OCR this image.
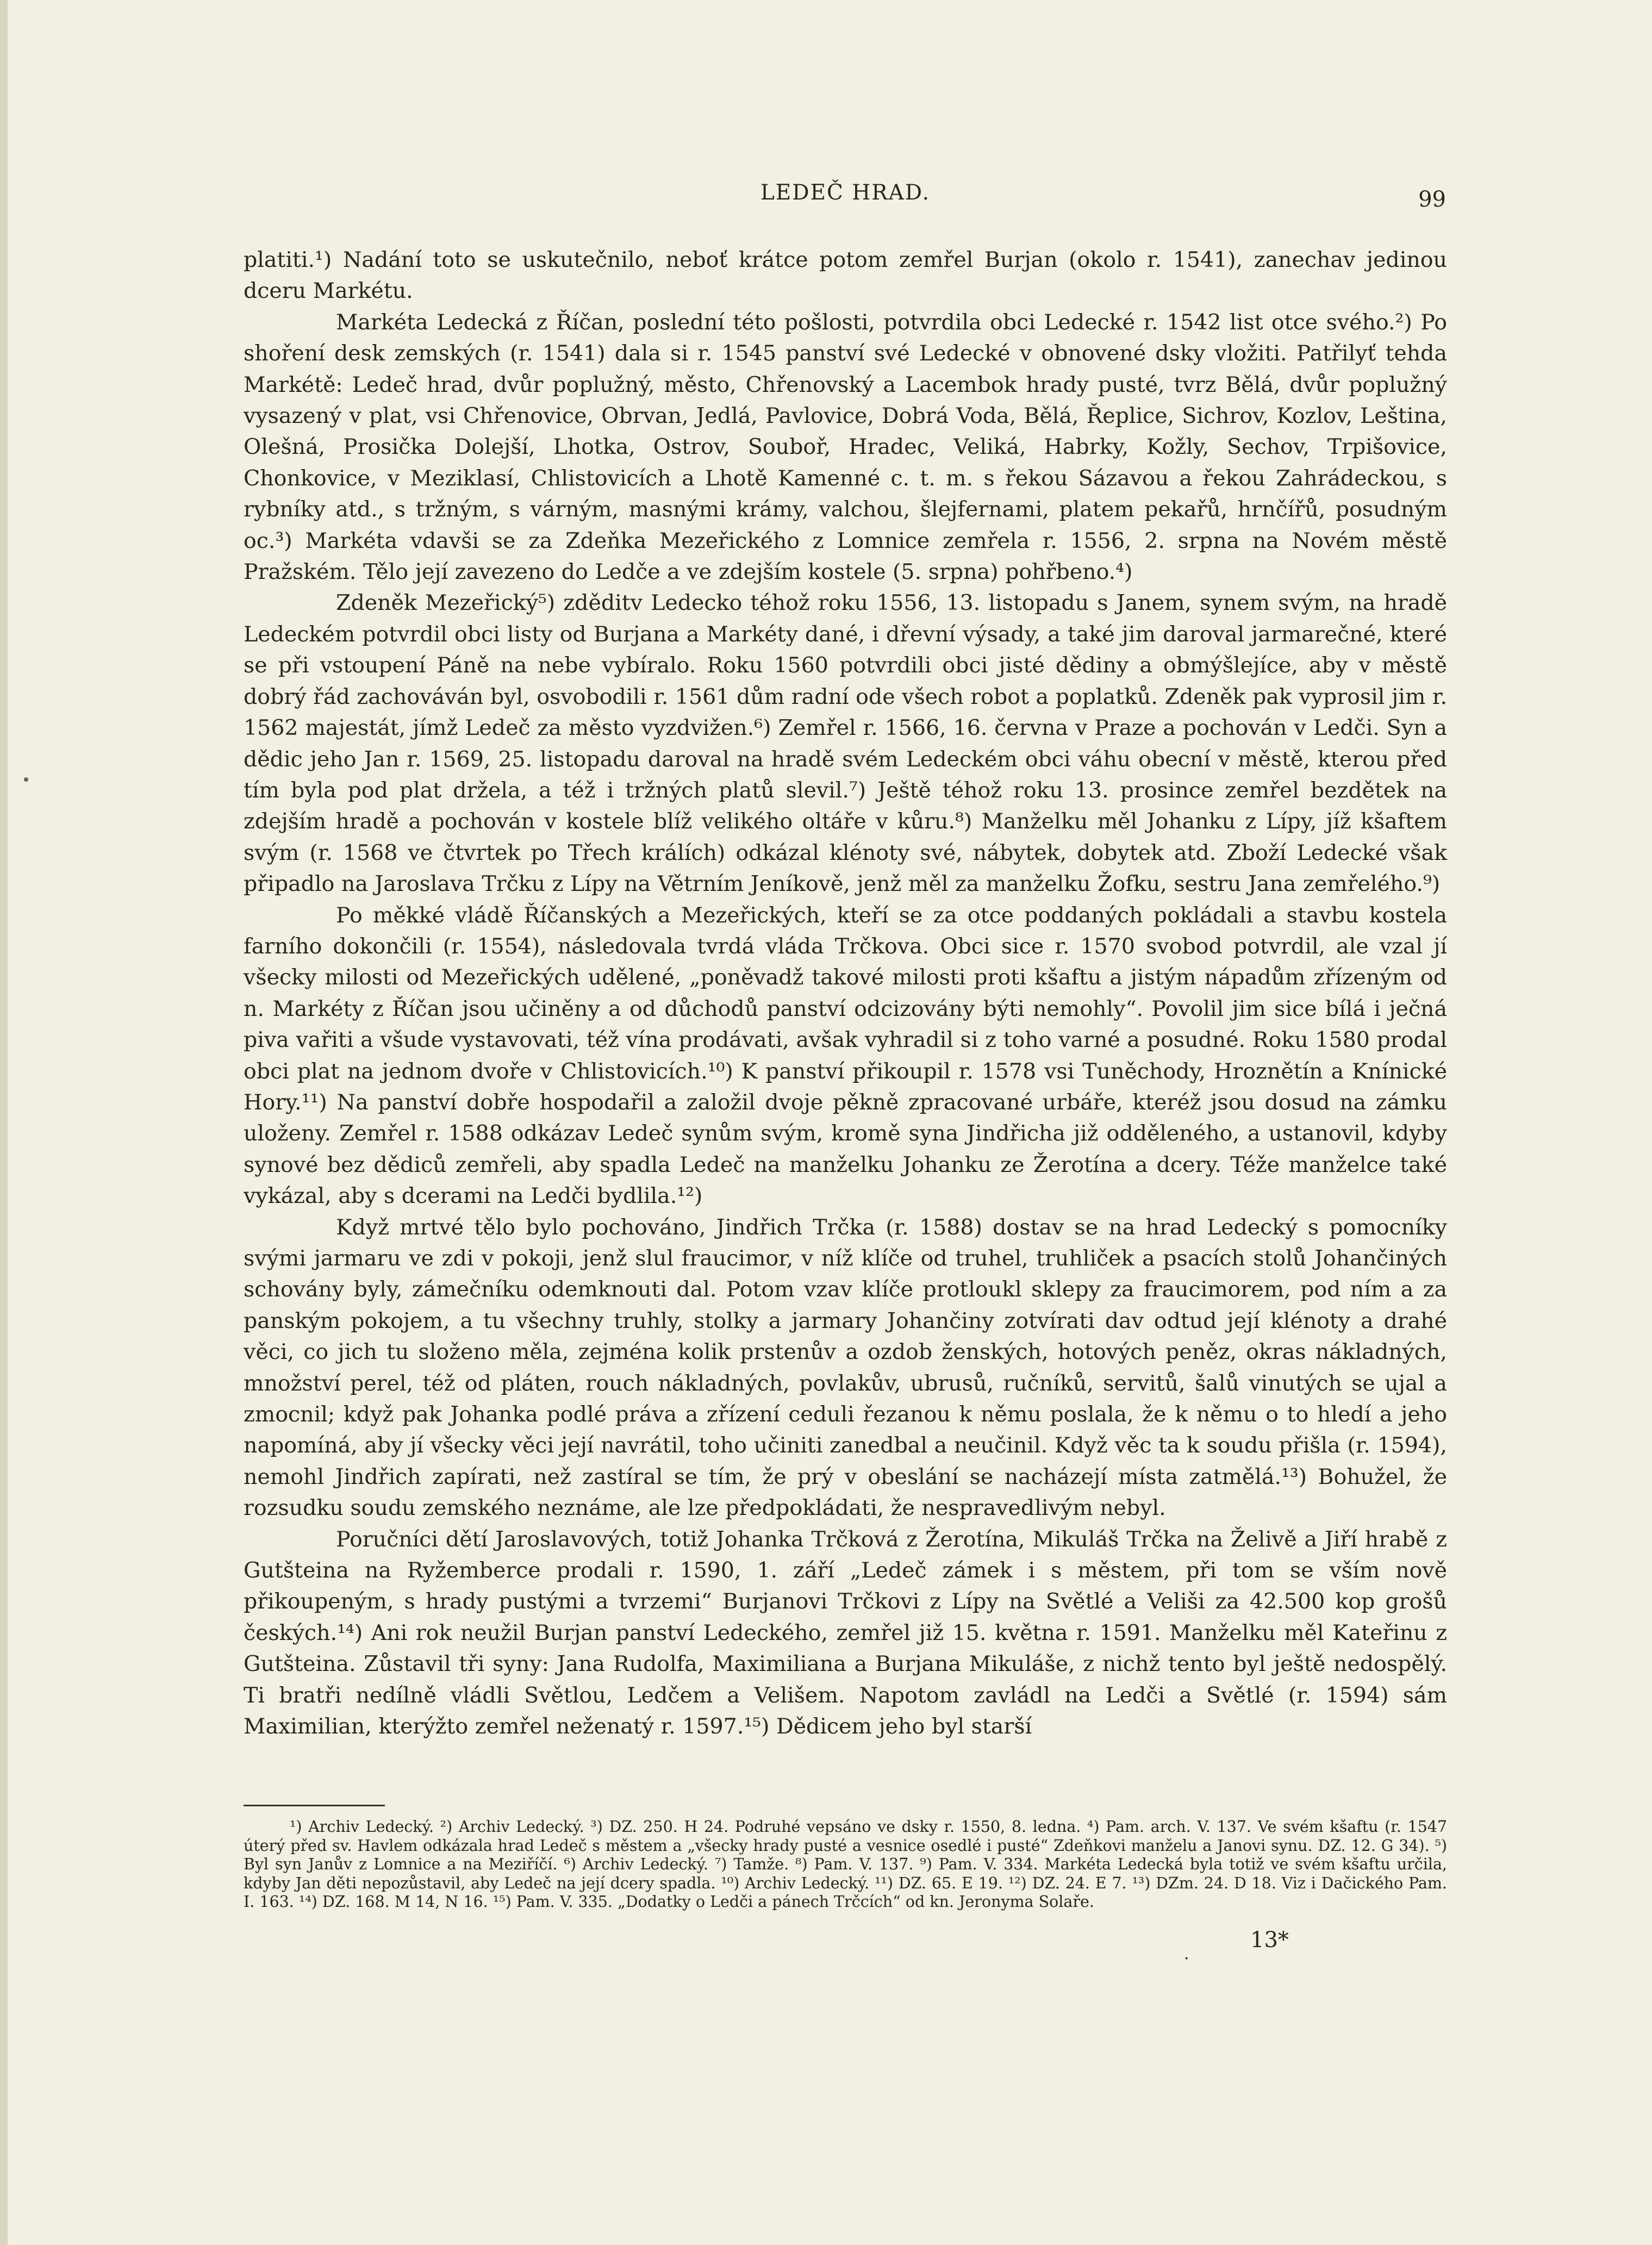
LEDEČ HRAD.	99

platiti.¹) Nadání toto se uskutečnilo, neboť krátce potom zemřel Burjan (okolo r. 1541), zanechav jedinou dceru Markétu.

Markéta Ledecká z Říčan, poslední této pošlosti, potvrdila obci Ledecké r. 1542 list otce svého.²) Po shoření desk zemských (r. 1541) dala si r. 1545 panství své Ledecké v obnovené dsky vložiti. Patřilyť tehda Markétě: Ledeč hrad, dvůr poplužný, město, Chřenovský a Lacembok hrady pusté, tvrz Bělá, dvůr poplužný vysazený v plat, vsi Chřenovice, Obrvan, Jedlá, Pavlovice, Dobrá Voda, Bělá, Řeplice, Sichrov, Kozlov, Leština, Olešná, Prosička Dolejší, Lhotka, Ostrov, Soubоř, Hradec, Veliká, Habrky, Kožly, Sechov, Trpišovice, Chonkovice, v Meziklasí, Chlistovicích a Lhotě Kamenné c. t. m. s řekou Sázavou a řekou Zahrádeckou, s rybníky atd., s tržným, s várným, masnými krámy, valchou, šlejfernami, platem pekařů, hrnčířů, posudným oc.³) Markéta vdavši se za Zdeňka Mezeřického z Lomnice zemřela r. 1556, 2. srpna na Novém městě Pražském. Tělo její zavezeno do Ledče a ve zdejším kostele (5. srpna) pohřbeno.⁴)

Zdeněk Mezeřický⁵) zděditv Ledecko téhož roku 1556, 13. listopadu s Janem, synem svým, na hradě Ledeckém potvrdil obci listy od Burjana a Markéty dané, i dřevní výsady, a také jim daroval jarmarečné, které se při vstoupení Páně na nebe vybíralo. Roku 1560 potvrdili obci jisté dědiny a obmýšlejíce, aby v městě dobrý řád zachováván byl, osvobodili r. 1561 dům radní ode všech robot a poplatků. Zdeněk pak vyprosil jim r. 1562 majestát, jímž Ledeč za město vyzdvižen.⁶) Zemřel r. 1566, 16. června v Praze a pochován v Ledči. Syn a dědic jeho Jan r. 1569, 25. listopadu daroval na hradě svém Ledeckém obci váhu obecní v městě, kterou před tím byla pod plat držela, a též i tržných platů slevil.⁷) Ještě téhož roku 13. prosince zemřel bezdětek na zdejším hradě a pochován v kostele blíž velikého oltáře v kůru.⁸) Manželku měl Johanku z Lípy, jíž kšaftem svým (r. 1568 ve čtvrtek po Třech králích) odkázal klénoty své, nábytek, dobytek atd. Zboží Ledecké však připadlo na Jaroslava Trčku z Lípy na Větrním Jeníkově, jenž měl za manželku Žofku, sestru Jana zemřelého.⁹)

Po měkké vládě Říčanských a Mezeřických, kteří se za otce poddaných pokládali a stavbu kostela farního dokončili (r. 1554), následovala tvrdá vláda Trčkova. Obci sice r. 1570 svobod potvrdil, ale vzal jí všecky milosti od Mezeřických udělené, „poněvadž takové milosti proti kšaftu a jistým nápadům zřízeným od n. Markéty z Říčan jsou učiněny a od důchodů panství odcizovány býti nemohly“. Povolil jim sice bílá i ječná piva vařiti a všude vystavovati, též vína prodávati, avšak vyhradil si z toho varné a posudné. Roku 1580 prodal obci plat na jednom dvoře v Chlistovicích.¹⁰) K panství přikoupil r. 1578 vsi Tuněchody, Hroznětín a Knínické Hory.¹¹) Na panství dobře hospodařil a založil dvoje pěkně zpracované urbáře, kteréž jsou dosud na zámku uloženy. Zemřel r. 1588 odkázav Ledeč synům svým, kromě syna Jindřicha již odděleného, a ustanovil, kdyby synové bez dědiců zemřeli, aby spadla Ledeč na manželku Johanku ze Žerotína a dcery. Téže manželce také vykázal, aby s dcerami na Ledči bydlila.¹²)

Když mrtvé tělo bylo pochováno, Jindřich Trčka (r. 1588) dostav se na hrad Ledecký s pomocníky svými jarmaru ve zdi v pokoji, jenž slul fraucimor, v níž klíče od truhel, truhliček a psacích stolů Johančiných schovány byly, zámečníku odemknouti dal. Potom vzav klíče protloukl sklepy za fraucimorem, pod ním a za panským pokojem, a tu všechny truhly, stolky a jarmary Johančiny zotvírati dav odtud její klénoty a drahé věci, co jich tu složeno měla, zejména kolik prstenův a ozdob ženských, hotových peněz, okras nákladných, množství perel, též od pláten, rouch nákladných, povlakův, ubrusů, ručníků, servitů, šalů vinutých se ujal a zmocnil; když pak Johanka podlé práva a zřízení ceduli řezanou k němu poslala, že k němu o to hledí a jeho napomíná, aby jí všecky věci její navrátil, toho učiniti zanedbal a neučinil. Když věc ta k soudu přišla (r. 1594), nemohl Jindřich zapírati, než zastíral se tím, že prý v obeslání se nacházejí místa zatmělá.¹³) Bohužel, že rozsudku soudu zemského neznáme, ale lze předpokládati, že nespravedlivým nebyl.

Poručníci dětí Jaroslavových, totiž Johanka Trčková z Žerotína, Mikuláš Trčka na Želivě a Jiří hrabě z Gutšteina na Ryžemberce prodali r. 1590, 1. září „Ledeč zámek i s městem, při tom se vším nově přikoupeným, s hrady pustými a tvrzemi“ Burjanovi Trčkovi z Lípy na Světlé a Veliši za 42.500 kop grošů českých.¹⁴) Ani rok neužil Burjan panství Ledeckého, zemřel již 15. května r. 1591. Manželku měl Kateřinu z Gutšteina. Zůstavil tři syny: Jana Rudolfa, Maximiliana a Burjana Mikuláše, z nichž tento byl ještě nedospělý. Ti bratři nedílně vládli Světlou, Ledčem a Velišem. Napotom zavládl na Ledči a Světlé (r. 1594) sám Maximilian, kterýžto zemřel neženatý r. 1597.¹⁵) Dědicem jeho byl starší

¹) Archiv Ledecký. ²) Archiv Ledecký. ³) DZ. 250. H 24. Podruhé vepsáno ve dsky r. 1550, 8. ledna. ⁴) Pam. arch. V. 137. Ve svém kšaftu (r. 1547 úterý před sv. Havlem odkázala hrad Ledeč s městem a „všecky hrady pusté a vesnice osedlé i pusté“ Zdeňkovi manželu a Janovi synu. DZ. 12. G 34). ⁵) Byl syn Janův z Lomnice a na Meziříčí. ⁶) Archiv Ledecký. ⁷) Tamže. ⁸) Pam. V. 137. ⁹) Pam. V. 334. Markéta Ledecká byla totiž ve svém kšaftu určila, kdyby Jan děti nepozůstavil, aby Ledeč na její dcery spadla. ¹⁰) Archiv Ledecký. ¹¹) DZ. 65. E 19. ¹²) DZ. 24. E 7. ¹³) DZm. 24. D 18. Viz i Dačického Pam. I. 163. ¹⁴) DZ. 168. M 14, N 16. ¹⁵) Pam. V. 335. „Dodatky o Ledči a pánech Trčcích“ od kn. Jeronyma Solaře.

·
13*
